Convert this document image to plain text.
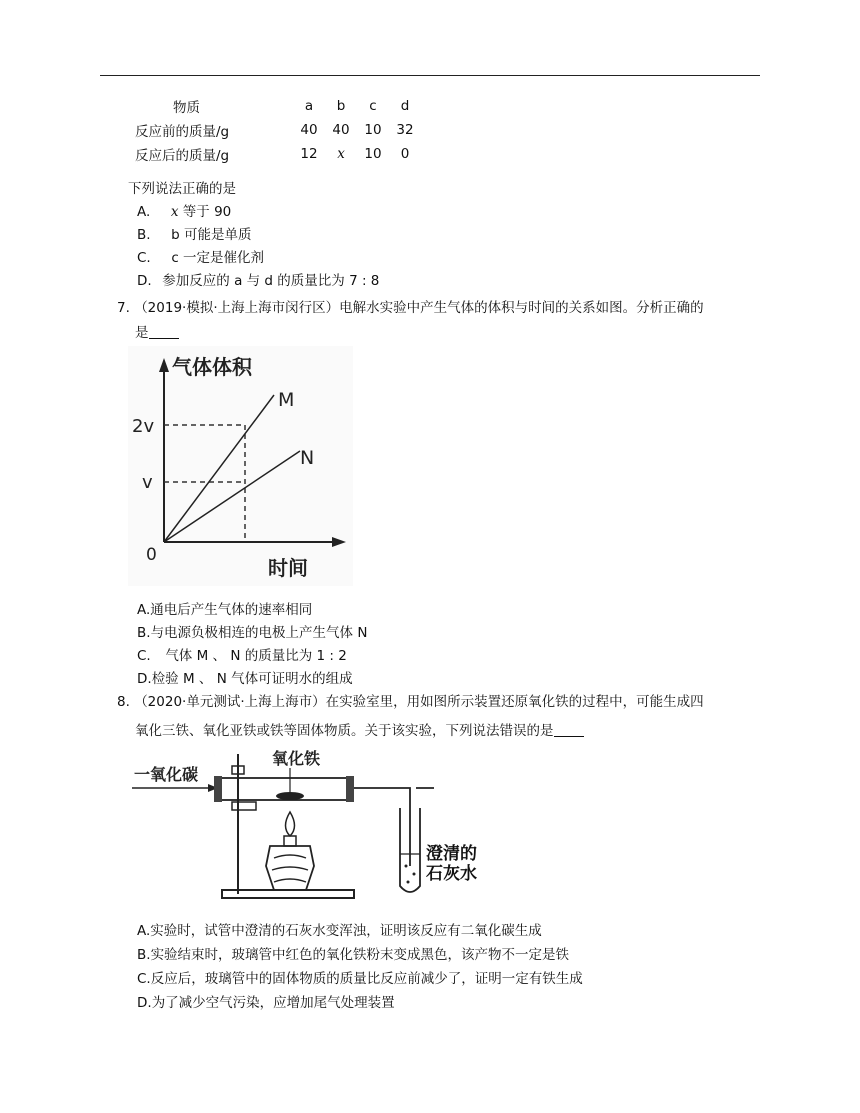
物质	a	b	c	d
反应前的质量/g	40	40	10	32
反应后的质量/g	12	x	10	0
下列说法正确的是
A. x 等于 90
B. b 可能是单质
C. c 一定是催化剂
D. 参加反应的 a 与 d 的质量比为 7 : 8
7. （2019·模拟·上海上海市闵行区）电解水实验中产生气体的体积与时间的关系如图。分析正确的
是
气体体积
M
N
2v
v
0
时间
A.通电后产生气体的速率相同
B.与电源负极相连的电极上产生气体 N
C. 气体 M 、 N 的质量比为 1 : 2
D.检验 M 、 N 气体可证明水的组成
8. （2020·单元测试·上海上海市）在实验室里，用如图所示装置还原氧化铁的过程中，可能生成四
氧化三铁、氧化亚铁或铁等固体物质。关于该实验，下列说法错误的是
一氧化碳
氧化铁
澄清的
石灰水
A.实验时，试管中澄清的石灰水变浑浊，证明该反应有二氧化碳生成
B.实验结束时，玻璃管中红色的氧化铁粉末变成黑色，该产物不一定是铁
C.反应后，玻璃管中的固体物质的质量比反应前减少了，证明一定有铁生成
D.为了减少空气污染，应增加尾气处理装置
